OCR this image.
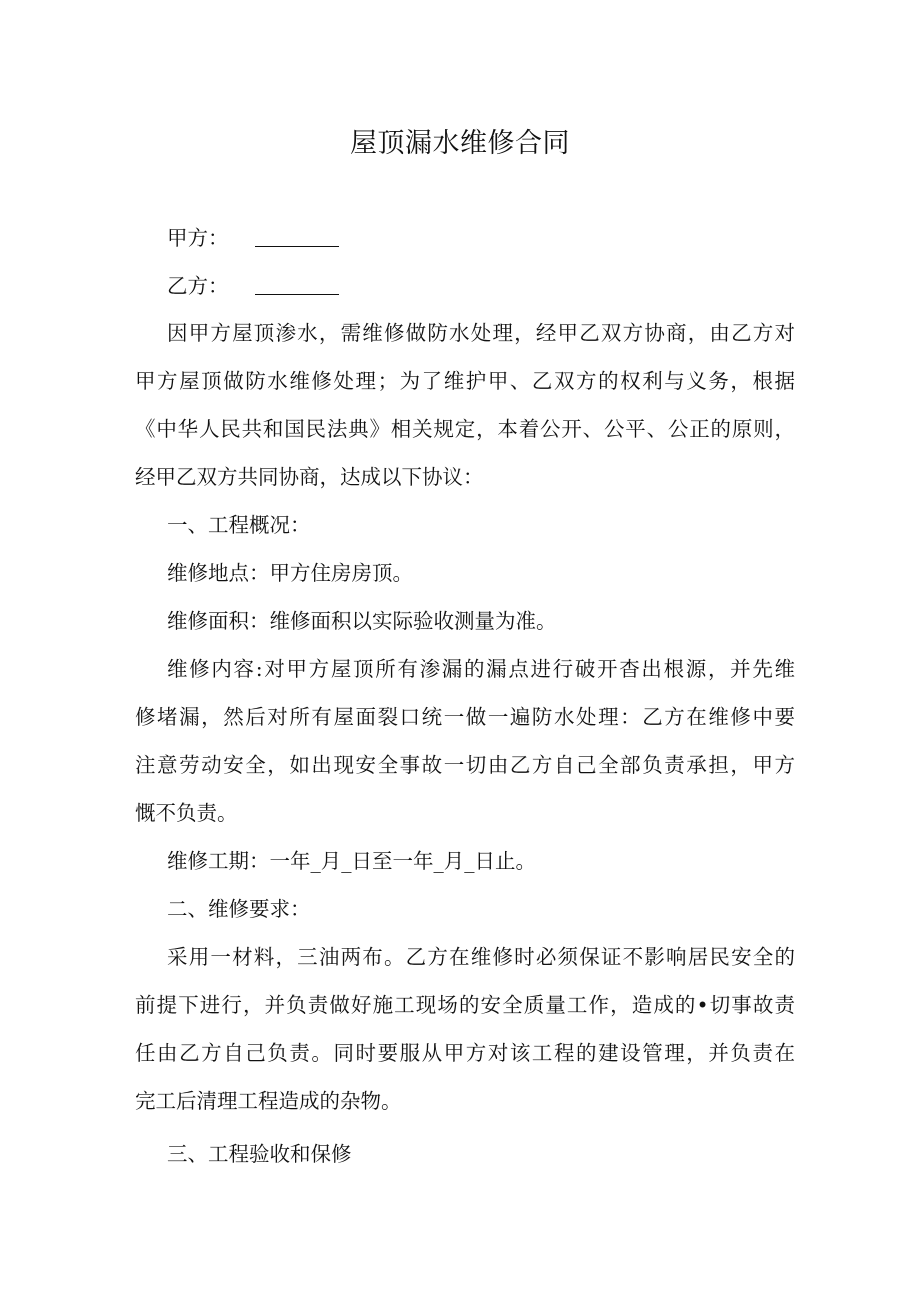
屋顶漏水维修合同

甲方：

乙方：

因甲方屋顶渗水，需维修做防水处理，经甲乙双方协商，由乙方对

甲方屋顶做防水维修处理；为了维护甲、乙双方的权利与义务，根据

《中华人民共和国民法典》相关规定，本着公开、公平、公正的原则，

经甲乙双方共同协商，达成以下协议：

一、工程概况：

维修地点：甲方住房房顶。

维修面积：维修面积以实际验收测量为准。

维修内容:对甲方屋顶所有渗漏的漏点进行破开杳出根源，并先维

修堵漏，然后对所有屋面裂口统一做一遍防水处理：乙方在维修中要

注意劳动安全，如出现安全事故一切由乙方自己全部负责承担，甲方

慨不负责。

维修工期：一年_月_日至一年_月_日止。

二、维修要求：

采用一材料，三油两布。乙方在维修时必须保证不影响居民安全的

前提下进行，并负责做好施工现场的安全质量工作，造成的•切事故责

任由乙方自己负责。同时要服从甲方对该工程的建设管理，并负责在

完工后清理工程造成的杂物。

三、工程验收和保修
